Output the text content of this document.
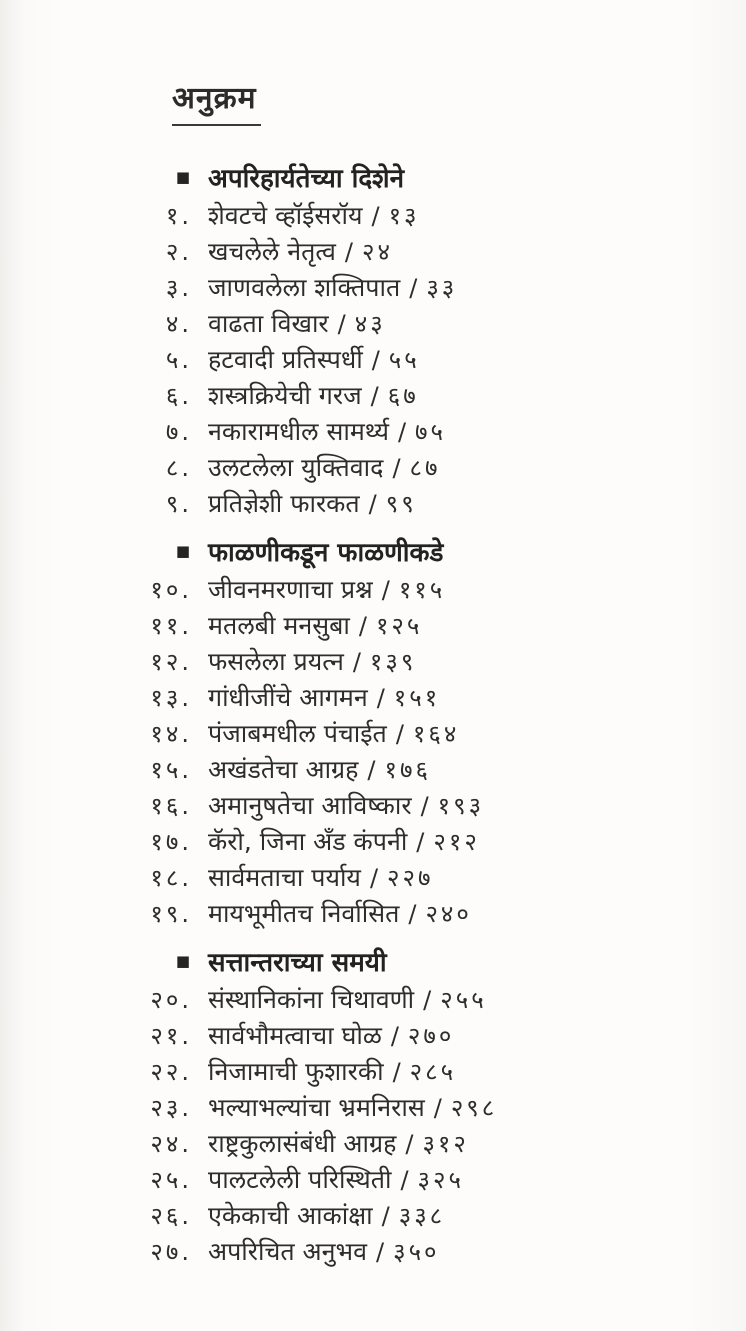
अनुक्रम
■ अपरिहार्यतेच्या दिशेने
१. शेवटचे व्हॉईसरॉय / १३
२. खचलेले नेतृत्व / २४
३. जाणवलेला शक्तिपात / ३३
४. वाढता विखार / ४३
५. हटवादी प्रतिस्पर्धी / ५५
६. शस्त्रक्रियेची गरज / ६७
७. नकारामधील सामर्थ्य / ७५
८. उलटलेला युक्तिवाद / ८७
९. प्रतिज्ञेशी फारकत / ९९
■ फाळणीकडून फाळणीकडे
१०. जीवनमरणाचा प्रश्न / ११५
११. मतलबी मनसुबा / १२५
१२. फसलेला प्रयत्न / १३९
१३. गांधीजींचे आगमन / १५१
१४. पंजाबमधील पंचाईत / १६४
१५. अखंडतेचा आग्रह / १७६
१६. अमानुषतेचा आविष्कार / १९३
१७. कॅरो, जिना अँड कंपनी / २१२
१८. सार्वमताचा पर्याय / २२७
१९. मायभूमीतच निर्वासित / २४०
■ सत्तान्तराच्या समयी
२०. संस्थानिकांना चिथावणी / २५५
२१. सार्वभौमत्वाचा घोळ / २७०
२२. निजामाची फुशारकी / २८५
२३. भल्याभल्यांचा भ्रमनिरास / २९८
२४. राष्ट्रकुलासंबंधी आग्रह / ३१२
२५. पालटलेली परिस्थिती / ३२५
२६. एकेकाची आकांक्षा / ३३८
२७. अपरिचित अनुभव / ३५०
